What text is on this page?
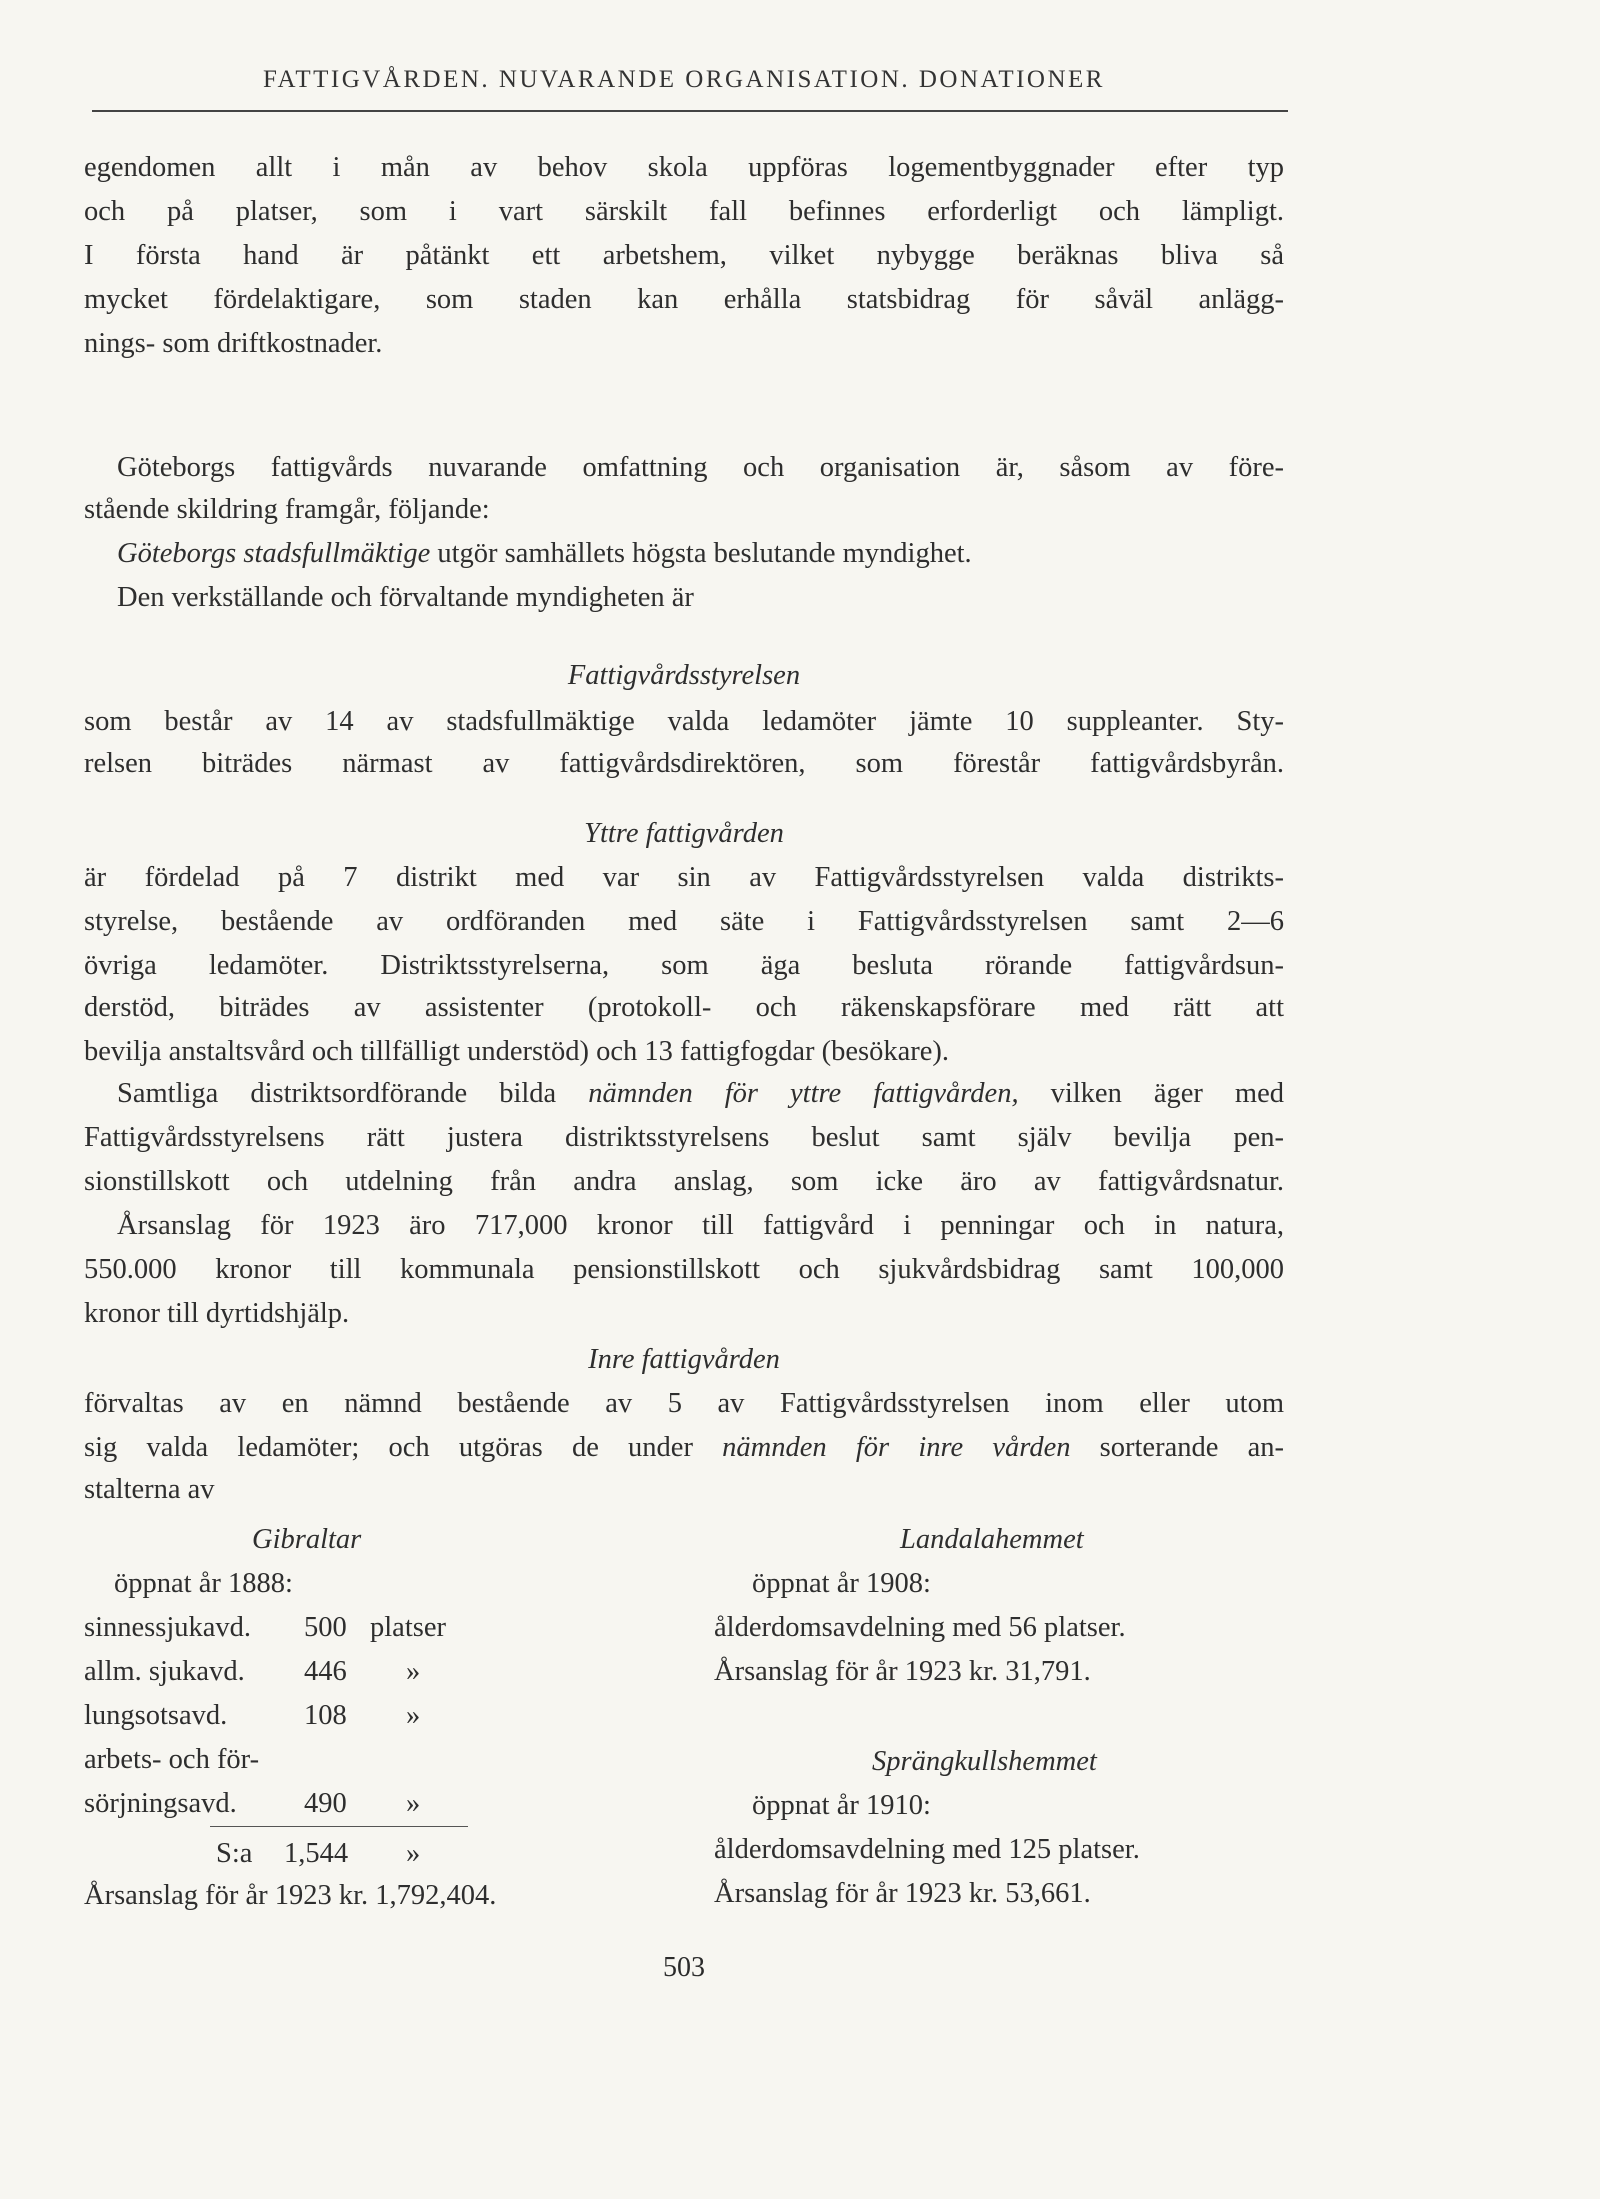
FATTIGVÅRDEN. NUVARANDE ORGANISATION. DONATIONER
egendomen allt i mån av behov skola uppföras logementbyggnader efter typ
och på platser, som i vart särskilt fall befinnes erforderligt och lämpligt.
I första hand är påtänkt ett arbetshem, vilket nybygge beräknas bliva så
mycket fördelaktigare, som staden kan erhålla statsbidrag för såväl anlägg-
nings- som driftkostnader.
Göteborgs fattigvårds nuvarande omfattning och organisation är, såsom av före-
stående skildring framgår, följande:
Göteborgs stadsfullmäktige utgör samhällets högsta beslutande myndighet.
Den verkställande och förvaltande myndigheten är
Fattigvårdsstyrelsen
som består av 14 av stadsfullmäktige valda ledamöter jämte 10 suppleanter. Sty-
relsen biträdes närmast av fattigvårdsdirektören, som förestår fattigvårdsbyrån.
Yttre fattigvården
är fördelad på 7 distrikt med var sin av Fattigvårdsstyrelsen valda distrikts-
styrelse, bestående av ordföranden med säte i Fattigvårdsstyrelsen samt 2—6
övriga ledamöter. Distriktsstyrelserna, som äga besluta rörande fattigvårdsun-
derstöd, biträdes av assistenter (protokoll- och räkenskapsförare med rätt att
bevilja anstaltsvård och tillfälligt understöd) och 13 fattigfogdar (besökare).
Samtliga distriktsordförande bilda nämnden för yttre fattigvården, vilken äger med
Fattigvårdsstyrelsens rätt justera distriktsstyrelsens beslut samt själv bevilja pen-
sionstillskott och utdelning från andra anslag, som icke äro av fattigvårdsnatur.
Årsanslag för 1923 äro 717,000 kronor till fattigvård i penningar och in natura,
550.000 kronor till kommunala pensionstillskott och sjukvårdsbidrag samt 100,000
kronor till dyrtidshjälp.
Inre fattigvården
förvaltas av en nämnd bestående av 5 av Fattigvårdsstyrelsen inom eller utom
sig valda ledamöter; och utgöras de under nämnden för inre vården sorterande an-
stalterna av
Gibraltar
öppnat år 1888:
sinnessjukavd. 500 platser
allm. sjukavd. 446 »
lungsotsavd.	108 »
arbets- och för-
sörjningsavd. 490 »
S:a 1,544 »
Årsanslag för år 1923 kr. 1,792,404.
Landalahemmet
öppnat år 1908:
ålderdomsavdelning med 56 platser.
Årsanslag för år 1923 kr. 31,791.
Sprängkullshemmet
öppnat år 1910:
ålderdomsavdelning med 125 platser.
Årsanslag för år 1923 kr. 53,661.
503
